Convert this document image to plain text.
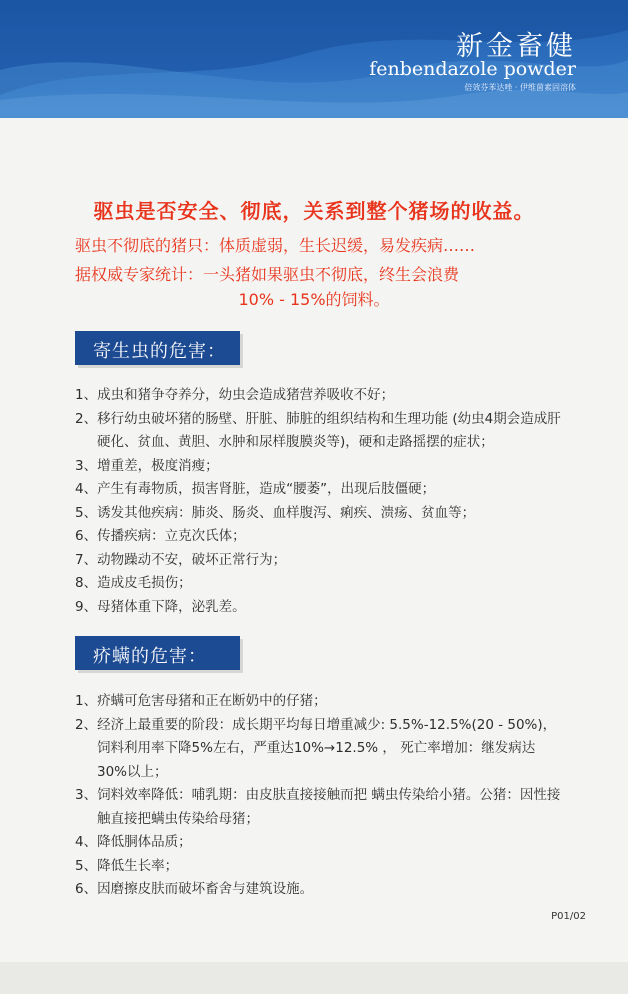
新金畜健
fenbendazole powder
倍效芬苯达唑 · 伊维菌素固溶体
驱虫是否安全、彻底，关系到整个猪场的收益。
驱虫不彻底的猪只：体质虚弱，生长迟缓，易发疾病……
据权威专家统计：一头猪如果驱虫不彻底，终生会浪费
10% - 15%的饲料。
寄生虫的危害：
1、成虫和猪争夺养分，幼虫会造成猪营养吸收不好；
2、移行幼虫破坏猪的肠壁、肝脏、肺脏的组织结构和生理功能 (幼虫4期会造成肝硬化、贫血、黄胆、水肿和尿样腹膜炎等)，硬和走路摇摆的症状；
3、增重差，极度消瘦；
4、产生有毒物质，损害肾脏，造成“腰萎”，出现后肢僵硬；
5、诱发其他疾病：肺炎、肠炎、血样腹泻、痢疾、溃疡、贫血等；
6、传播疾病：立克次氏体；
7、动物躁动不安，破坏正常行为；
8、造成皮毛损伤；
9、母猪体重下降，泌乳差。
疥螨的危害：
1、疥螨可危害母猪和正在断奶中的仔猪；
2、经济上最重要的阶段：成长期平均每日增重减少: 5.5%-12.5%(20 - 50%)，饲料利用率下降5%左右，严重达10%→12.5% ， 死亡率增加：继发病达30%以上；
3、饲料效率降低：哺乳期：由皮肤直接接触而把 螨虫传染给小猪。公猪：因性接触直接把螨虫传染给母猪；
4、降低胴体品质；
5、降低生长率；
6、因磨擦皮肤而破坏畜舍与建筑设施。
P01/02
